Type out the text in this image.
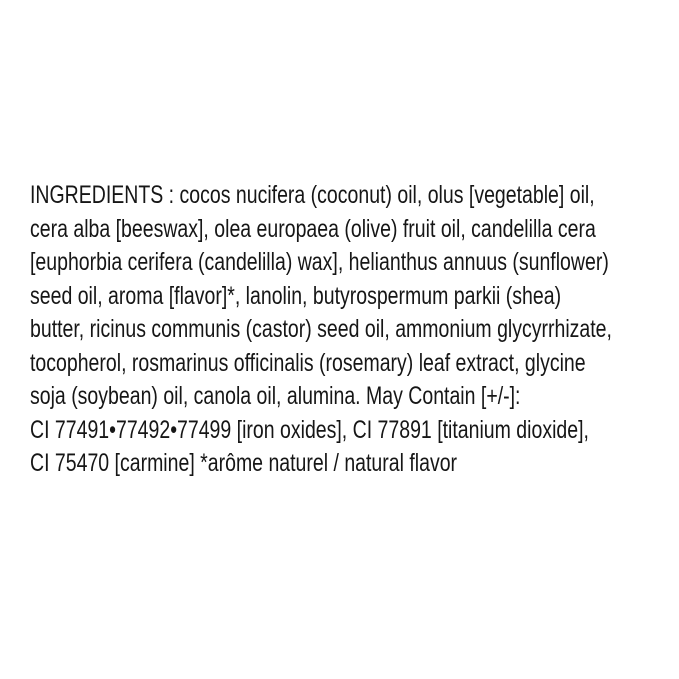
INGREDIENTS : cocos nucifera (coconut) oil, olus [vegetable] oil,
cera alba [beeswax], olea europaea (olive) fruit oil, candelilla cera
[euphorbia cerifera (candelilla) wax], helianthus annuus (sunflower)
seed oil, aroma [flavor]*, lanolin, butyrospermum parkii (shea)
butter, ricinus communis (castor) seed oil, ammonium glycyrrhizate,
tocopherol, rosmarinus officinalis (rosemary) leaf extract, glycine
soja (soybean) oil, canola oil, alumina. May Contain [+/-]:
CI 77491•77492•77499 [iron oxides], CI 77891 [titanium dioxide],
CI 75470 [carmine] *arôme naturel / natural flavor
